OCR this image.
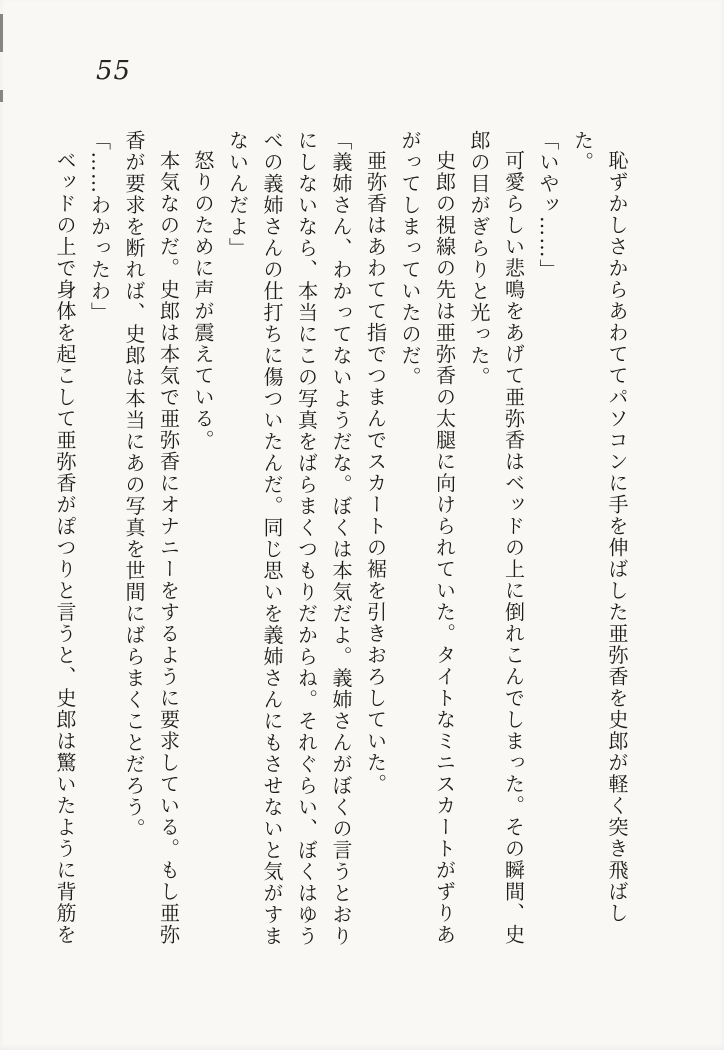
55

恥ずかしさからあわててパソコンに手を伸ばした亜弥香を史郎が軽く突き飛ばした。

「いやッ……」

可愛らしい悲鳴をあげて亜弥香はベッドの上に倒れこんでしまった。その瞬間、史郎の目がぎらりと光った。

史郎の視線の先は亜弥香の太腿に向けられていた。タイトなミニスカートがずりあがってしまっていたのだ。

亜弥香はあわてて指でつまんでスカートの裾を引きおろしていた。

「義姉さん、わかってないようだな。ぼくは本気だよ。義姉さんがぼくの言うとおりにしないなら、本当にこの写真をばらまくつもりだからね。それぐらい、ぼくはゆうべの義姉さんの仕打ちに傷ついたんだ。同じ思いを義姉さんにもさせないと気がすまないんだよ」

怒りのために声が震えている。

本気なのだ。史郎は本気で亜弥香にオナニーをするように要求している。もし亜弥香が要求を断れば、史郎は本当にあの写真を世間にばらまくことだろう。

「……わかったわ」

ベッドの上で身体を起こして亜弥香がぽつりと言うと、史郎は驚いたように背筋を
